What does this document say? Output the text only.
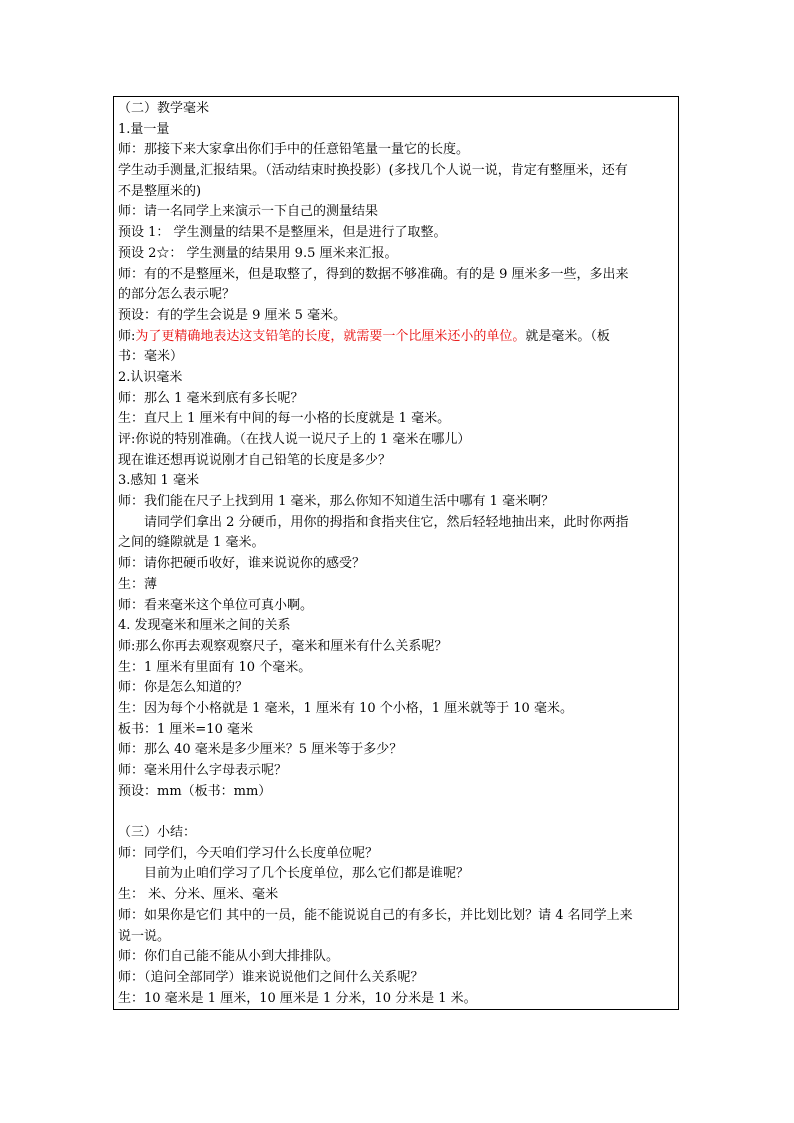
（二）教学毫米
1.量一量
师：那接下来大家拿出你们手中的任意铅笔量一量它的长度。
学生动手测量,汇报结果。（活动结束时换投影）(多找几个人说一说，肯定有整厘米，还有
不是整厘米的)
师：请一名同学上来演示一下自己的测量结果
预设 1： 学生测量的结果不是整厘米，但是进行了取整。
预设 2☆： 学生测量的结果用 9.5 厘米来汇报。
师：有的不是整厘米，但是取整了，得到的数据不够准确。有的是 9 厘米多一些，多出来
的部分怎么表示呢？
预设：有的学生会说是 9 厘米 5 毫米。
师:为了更精确地表达这支铅笔的长度，就需要一个比厘米还小的单位。就是毫米。（板
书：毫米）
2.认识毫米
师：那么 1 毫米到底有多长呢？
生：直尺上 1 厘米有中间的每一小格的长度就是 1 毫米。
评:你说的特别准确。（在找人说一说尺子上的 1 毫米在哪儿）
现在谁还想再说说刚才自己铅笔的长度是多少？
3.感知 1 毫米
师：我们能在尺子上找到用 1 毫米，那么你知不知道生活中哪有 1 毫米啊？
请同学们拿出 2 分硬币，用你的拇指和食指夹住它，然后轻轻地抽出来，此时你两指
之间的缝隙就是 1 毫米。
师：请你把硬币收好，谁来说说你的感受？
生：薄
师：看来毫米这个单位可真小啊。
4. 发现毫米和厘米之间的关系
师:那么你再去观察观察尺子，毫米和厘米有什么关系呢？
生：1 厘米有里面有 10 个毫米。
师：你是怎么知道的？
生：因为每个小格就是 1 毫米，1 厘米有 10 个小格，1 厘米就等于 10 毫米。
板书：1 厘米=10 毫米
师：那么 40 毫米是多少厘米？5 厘米等于多少？
师：毫米用什么字母表示呢？
预设：mm（板书：mm）
（三）小结：
师：同学们，今天咱们学习什么长度单位呢？
目前为止咱们学习了几个长度单位，那么它们都是谁呢？
生： 米、分米、厘米、毫米
师：如果你是它们 其中的一员，能不能说说自己的有多长，并比划比划？请 4 名同学上来
说一说。
师：你们自己能不能从小到大排排队。
师：（追问全部同学）谁来说说他们之间什么关系呢？
生：10 毫米是 1 厘米，10 厘米是 1 分米，10 分米是 1 米。
